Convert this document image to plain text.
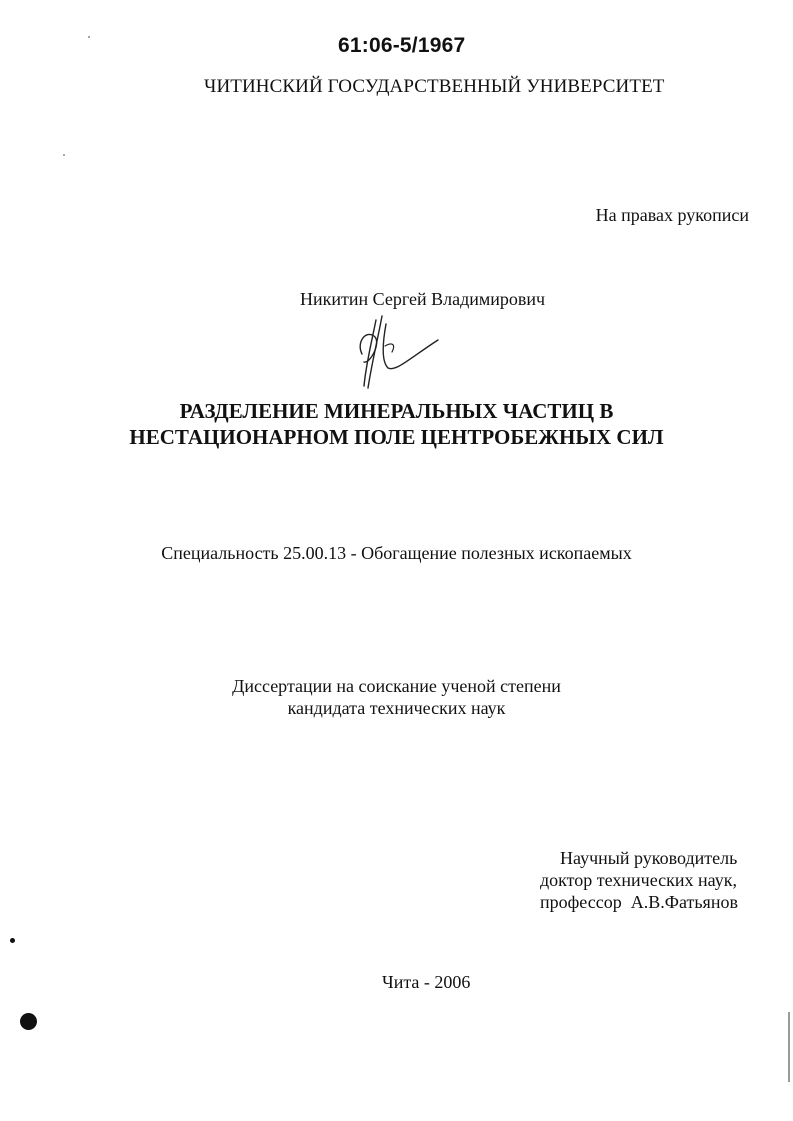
61:06-5/1967
ЧИТИНСКИЙ ГОСУДАРСТВЕННЫЙ УНИВЕРСИТЕТ
На правах рукописи
Никитин Сергей Владимирович
РАЗДЕЛЕНИЕ МИНЕРАЛЬНЫХ ЧАСТИЦ В
НЕСТАЦИОНАРНОМ ПОЛЕ ЦЕНТРОБЕЖНЫХ СИЛ
Специальность 25.00.13 - Обогащение полезных ископаемых
Диссертации на соискание ученой степени
кандидата технических наук
Научный руководитель
доктор технических наук,
профессор  А.В.Фатьянов
Чита - 2006
